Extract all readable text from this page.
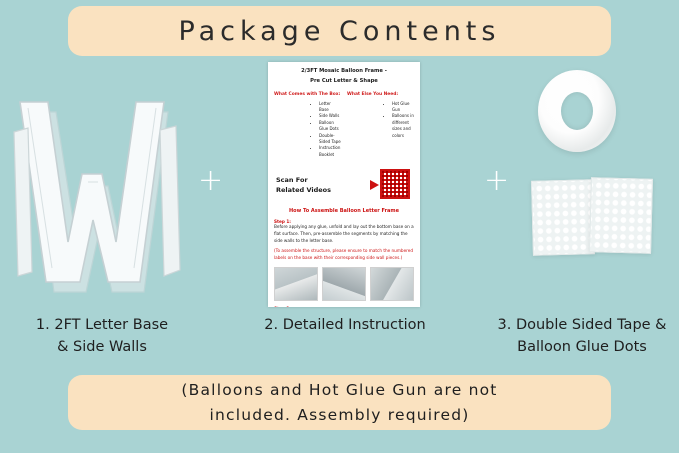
Package Contents
+
2/3FT Mosaic Balloon Frame -
Pre Cut Letter & Shape
What Comes with The Box:
• Letter Base
• Side Walls
• Balloon Glue Dots
• Double-Sided Tape
• Instruction Booklet
What Else You Need:
• Hot Glue Gun
• Balloons in different sizes and colors
Scan For
Related Videos
How To Assemble Balloon Letter Frame
Step 1:
Before applying any glue, unfold and lay out the bottom base on a flat surface. Then, pre-assemble the segments by matching the side walls to the letter base.
(To assemble the structure, please ensure to match the numbered labels on the base with their corresponding side wall pieces.)
+
1. 2FT Letter Base
& Side Walls
2. Detailed Instruction	3. Double Sided Tape &
Balloon Glue Dots
(Balloons and Hot Glue Gun are not
included. Assembly required)
